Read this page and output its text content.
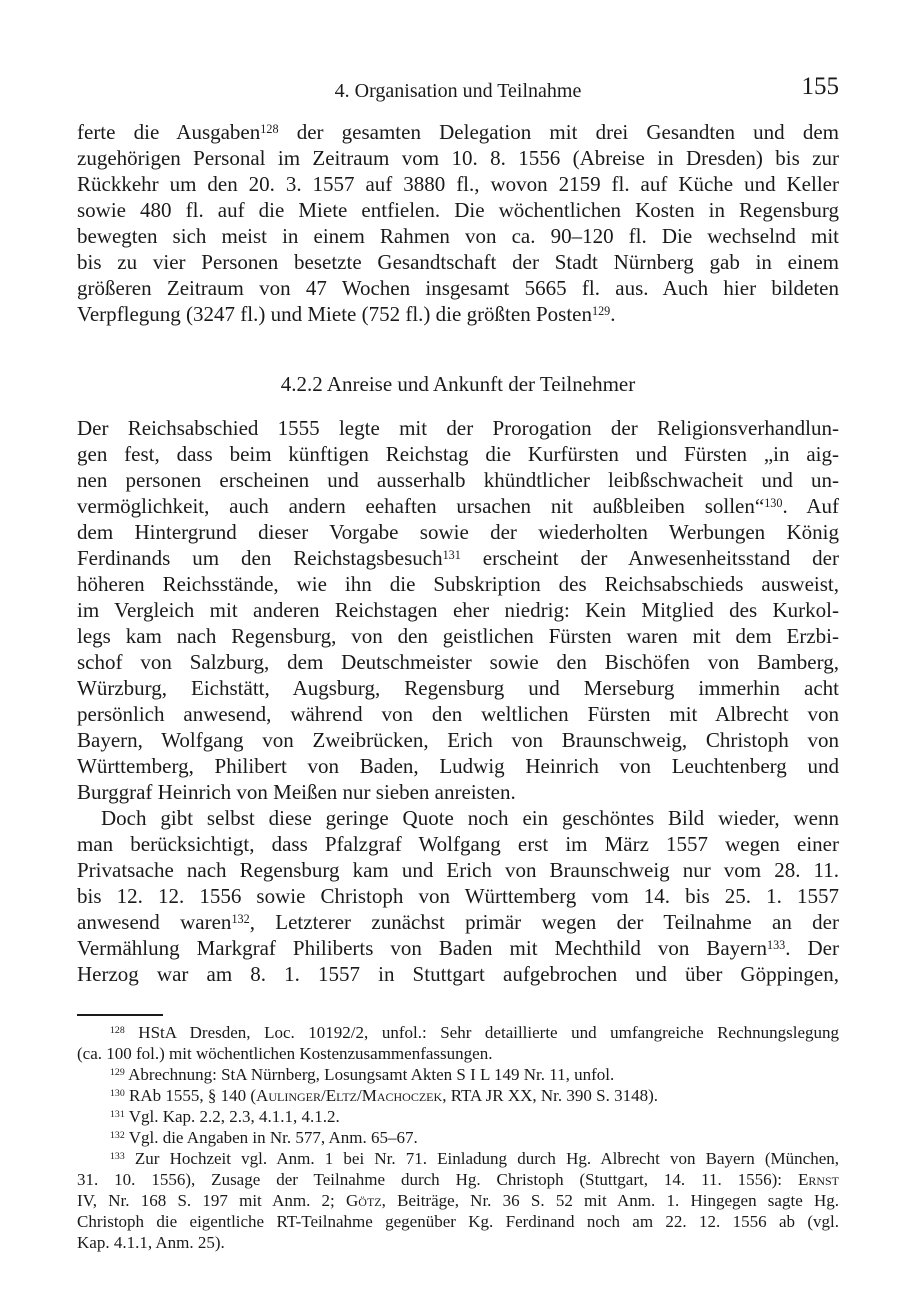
4. Organisation und Teilnahme	155
ferte die Ausgaben$^{128}$ der gesamten Delegation mit drei Gesandten und dem
zugehörigen Personal im Zeitraum vom 10. 8. 1556 (Abreise in Dresden) bis zur
Rückkehr um den 20. 3. 1557 auf 3880 fl., wovon 2159 fl. auf Küche und Keller
sowie 480 fl. auf die Miete entfielen. Die wöchentlichen Kosten in Regensburg
bewegten sich meist in einem Rahmen von ca. 90–120 fl. Die wechselnd mit
bis zu vier Personen besetzte Gesandtschaft der Stadt Nürnberg gab in einem
größeren Zeitraum von 47 Wochen insgesamt 5665 fl. aus. Auch hier bildeten
Verpflegung (3247 fl.) und Miete (752 fl.) die größten Posten$^{129}$.
4.2.2 Anreise und Ankunft der Teilnehmer
Der Reichsabschied 1555 legte mit der Prorogation der Religionsverhandlun-
gen fest, dass beim künftigen Reichstag die Kurfürsten und Fürsten „in aig-
nen personen erscheinen und ausserhalb khündtlicher leibßschwacheit und un-
vermöglichkeit, auch andern eehaften ursachen nit außbleiben sollen“$^{130}$. Auf
dem Hintergrund dieser Vorgabe sowie der wiederholten Werbungen König
Ferdinands um den Reichstagsbesuch$^{131}$ erscheint der Anwesenheitsstand der
höheren Reichsstände, wie ihn die Subskription des Reichsabschieds ausweist,
im Vergleich mit anderen Reichstagen eher niedrig: Kein Mitglied des Kurkol-
legs kam nach Regensburg, von den geistlichen Fürsten waren mit dem Erzbi-
schof von Salzburg, dem Deutschmeister sowie den Bischöfen von Bamberg,
Würzburg, Eichstätt, Augsburg, Regensburg und Merseburg immerhin acht
persönlich anwesend, während von den weltlichen Fürsten mit Albrecht von
Bayern, Wolfgang von Zweibrücken, Erich von Braunschweig, Christoph von
Württemberg, Philibert von Baden, Ludwig Heinrich von Leuchtenberg und
Burggraf Heinrich von Meißen nur sieben anreisten.
Doch gibt selbst diese geringe Quote noch ein geschöntes Bild wieder, wenn
man berücksichtigt, dass Pfalzgraf Wolfgang erst im März 1557 wegen einer
Privatsache nach Regensburg kam und Erich von Braunschweig nur vom 28. 11.
bis 12. 12. 1556 sowie Christoph von Württemberg vom 14. bis 25. 1. 1557
anwesend waren$^{132}$, Letzterer zunächst primär wegen der Teilnahme an der
Vermählung Markgraf Philiberts von Baden mit Mechthild von Bayern$^{133}$. Der
Herzog war am 8. 1. 1557 in Stuttgart aufgebrochen und über Göppingen,
$^{128}$ HStA Dresden, Loc. 10192/2, unfol.: Sehr detaillierte und umfangreiche Rechnungslegung
(ca. 100 fol.) mit wöchentlichen Kostenzusammenfassungen.
$^{129}$ Abrechnung: StA Nürnberg, Losungsamt Akten S I L 149 Nr. 11, unfol.
$^{130}$ RAb 1555, § 140 (Aulinger/Eltz/Machoczek, RTA JR XX, Nr. 390 S. 3148).
$^{131}$ Vgl. Kap. 2.2, 2.3, 4.1.1, 4.1.2.
$^{132}$ Vgl. die Angaben in Nr. 577, Anm. 65–67.
$^{133}$ Zur Hochzeit vgl. Anm. 1 bei Nr. 71. Einladung durch Hg. Albrecht von Bayern (München,
31. 10. 1556), Zusage der Teilnahme durch Hg. Christoph (Stuttgart, 14. 11. 1556): Ernst
IV, Nr. 168 S. 197 mit Anm. 2; Götz, Beiträge, Nr. 36 S. 52 mit Anm. 1. Hingegen sagte Hg.
Christoph die eigentliche RT-Teilnahme gegenüber Kg. Ferdinand noch am 22. 12. 1556 ab (vgl.
Kap. 4.1.1, Anm. 25).
